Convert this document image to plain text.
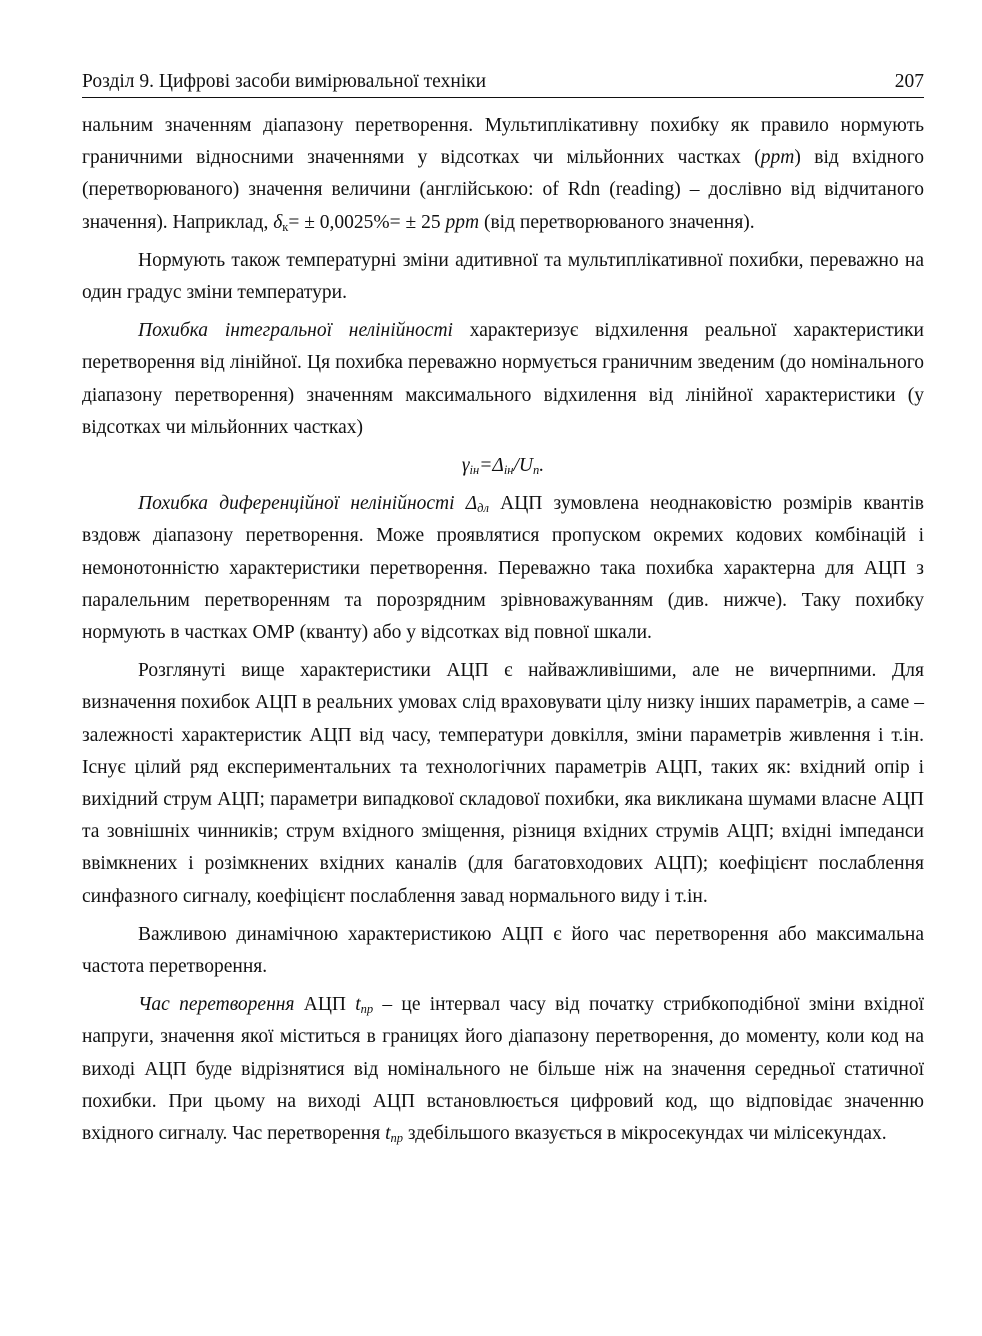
Розділ 9. Цифрові засоби вимірювальної техніки	207

нальним значенням діапазону перетворення. Мультиплікативну похибку як правило нормують граничними відносними значеннями у відсотках чи мільйонних частках (ppm) від вхідного (перетворюваного) значення величини (англійською: of Rdn (reading) – дослівно від відчитаного значення). Наприклад, $\delta_к= \pm 0,0025\%= \pm 25$ ppm (від перетворюваного значення).

Нормують також температурні зміни адитивної та мультиплікативної похибки, переважно на один градус зміни температури.

Похибка інтегральної нелінійності характеризує відхилення реальної характеристики перетворення від лінійної. Ця похибка переважно нормується граничним зведеним (до номінального діапазону перетворення) значенням максимального відхилення від лінійної характеристики (у відсотках чи мільйонних частках)

$\gamma_{ін}=\Delta_{ін}/U_п$.

Похибка диференційної нелінійності $\Delta_{дл}$ АЦП зумовлена неоднаковістю розмірів квантів вздовж діапазону перетворення. Може проявлятися пропуском окремих кодових комбінацій і немонотонністю характеристики перетворення. Переважно така похибка характерна для АЦП з паралельним перетворенням та порозрядним зрівноважуванням (див. нижче). Таку похибку нормують в частках ОМР (кванту) або у відсотках від повної шкали.

Розглянуті вище характеристики АЦП є найважливішими, але не вичерпними. Для визначення похибок АЦП в реальних умовах слід враховувати цілу низку інших параметрів, а саме – залежності характеристик АЦП від часу, температури довкілля, зміни параметрів живлення і т.ін. Існує цілий ряд експериментальних та технологічних параметрів АЦП, таких як: вхідний опір і вихідний струм АЦП; параметри випадкової складової похибки, яка викликана шумами власне АЦП та зовнішніх чинників; струм вхідного зміщення, різниця вхідних струмів АЦП; вхідні імпеданси ввімкнених і розімкнених вхідних каналів (для багатовходових АЦП); коефіцієнт послаблення синфазного сигналу, коефіцієнт послаблення завад нормального виду і т.ін.

Важливою динамічною характеристикою АЦП є його час перетворення або максимальна частота перетворення.

Час перетворення АЦП $t_{пр}$ – це інтервал часу від початку стрибкоподібної зміни вхідної напруги, значення якої міститься в границях його діапазону перетворення, до моменту, коли код на виході АЦП буде відрізнятися від номінального не більше ніж на значення середньої статичної похибки. При цьому на виході АЦП встановлюється цифровий код, що відповідає значенню вхідного сигналу. Час перетворення $t_{пр}$ здебільшого вказується в мікросекундах чи мілісекундах.
